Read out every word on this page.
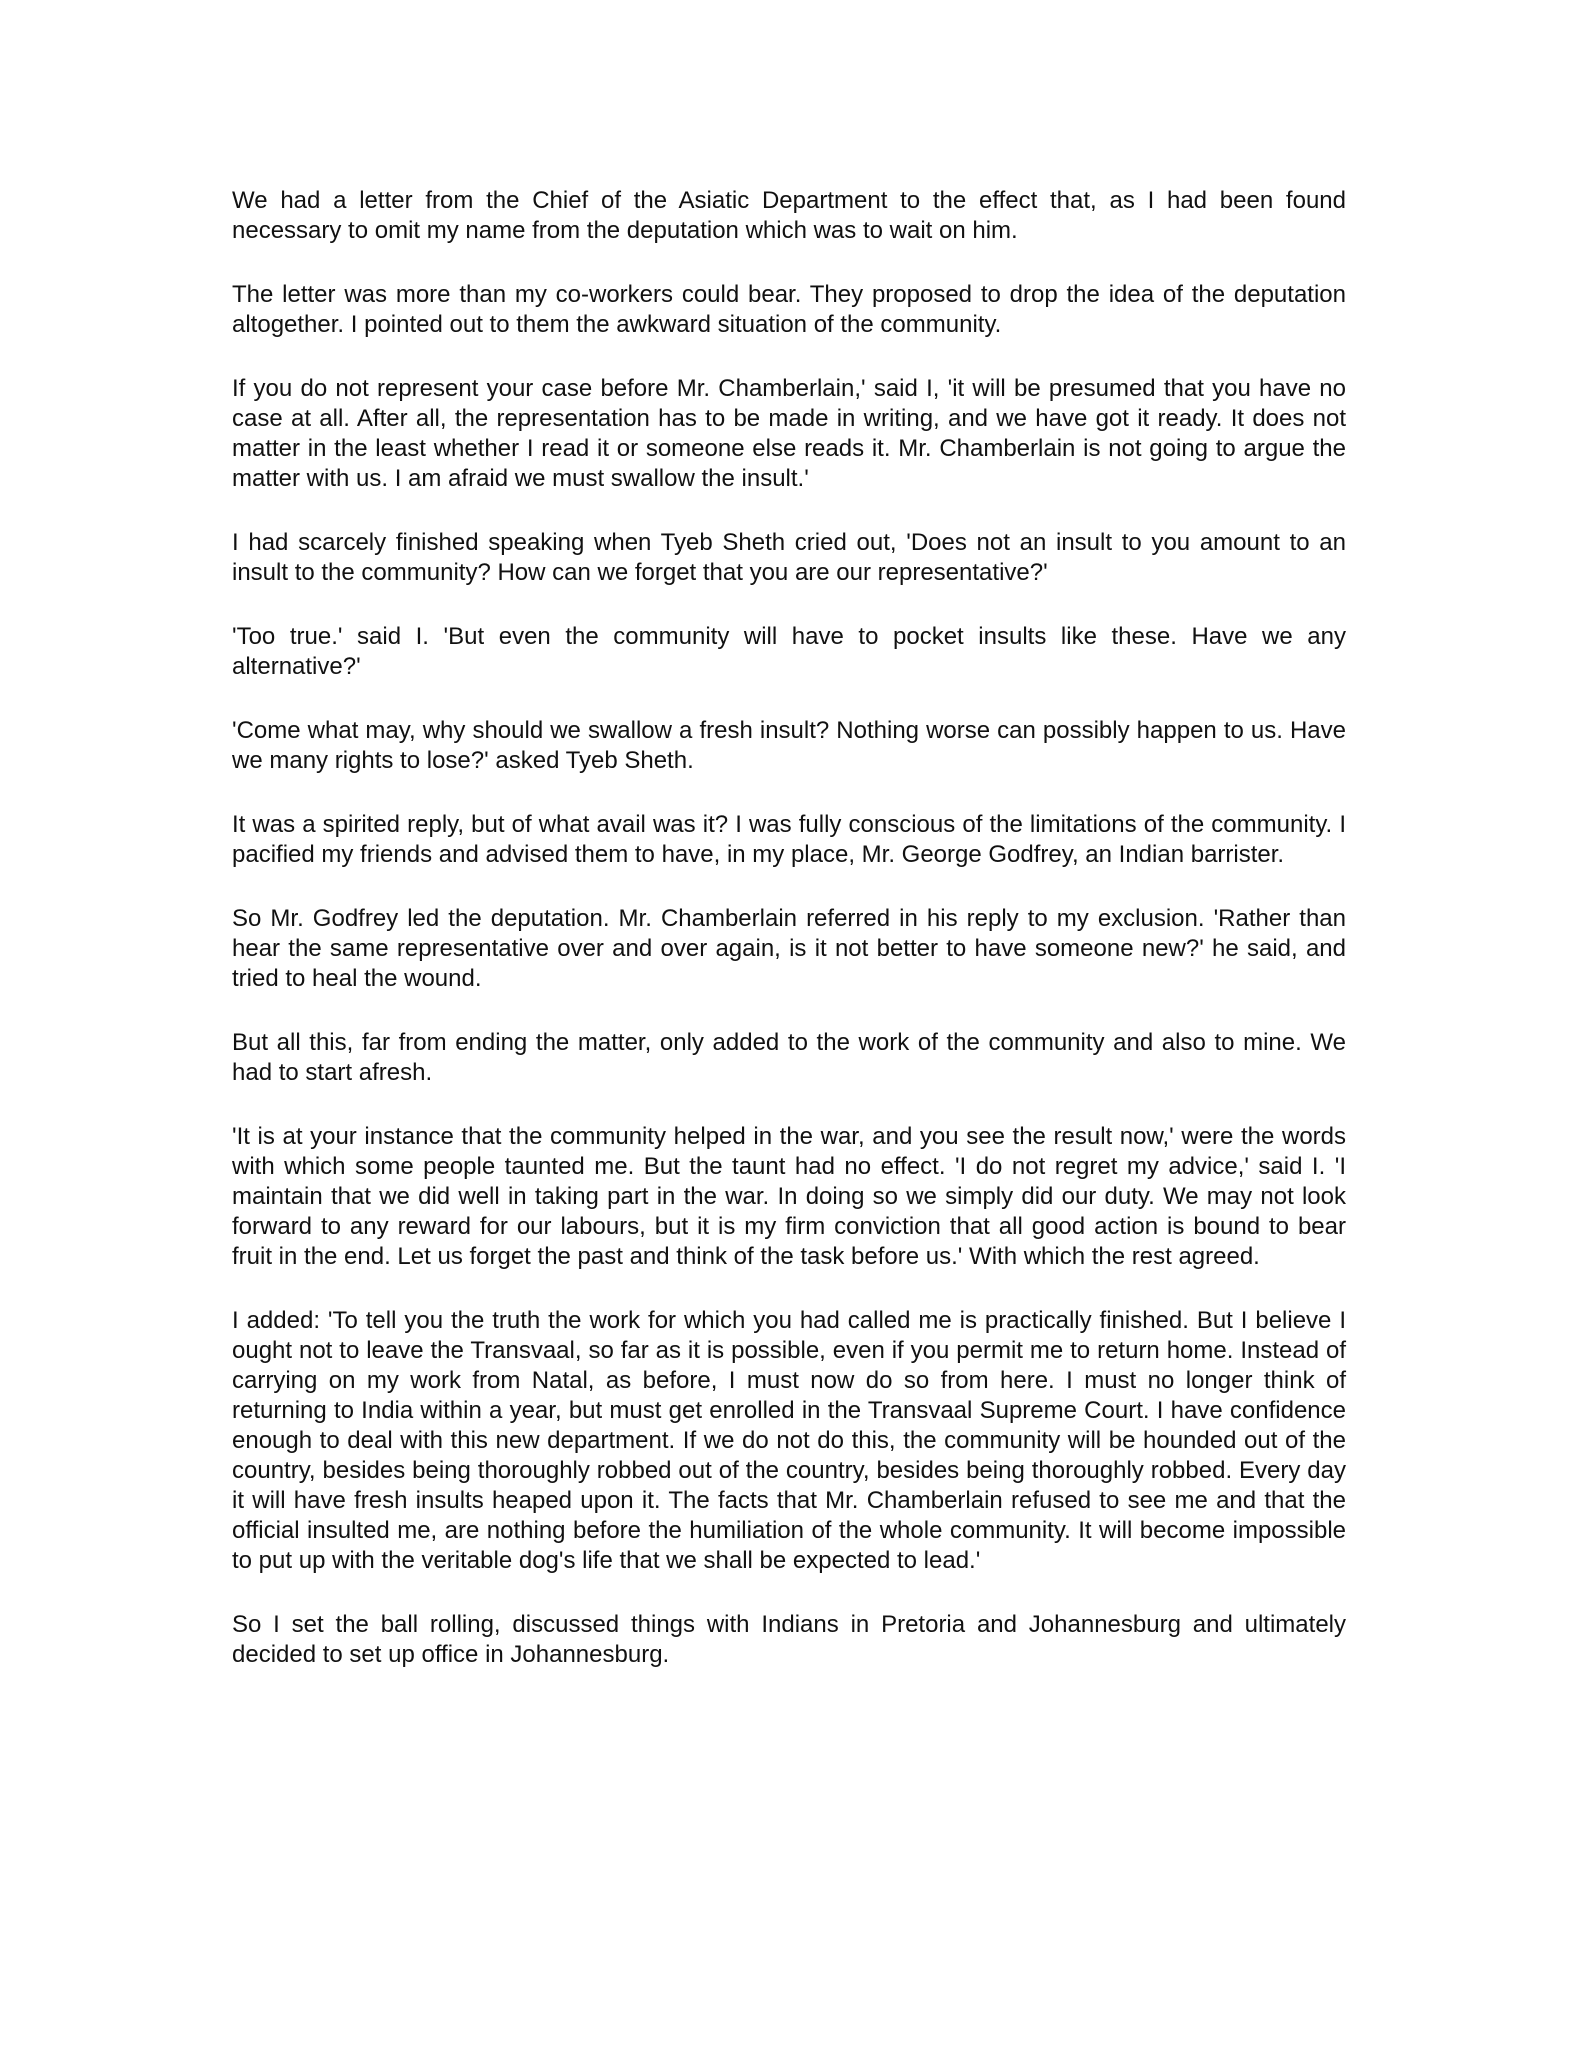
We had a letter from the Chief of the Asiatic Department to the effect that, as I had been found necessary to omit my name from the deputation which was to wait on him.

The letter was more than my co-workers could bear. They proposed to drop the idea of the deputation altogether. I pointed out to them the awkward situation of the community.

If you do not represent your case before Mr. Chamberlain,' said I, 'it will be presumed that you have no case at all. After all, the representation has to be made in writing, and we have got it ready. It does not matter in the least whether I read it or someone else reads it. Mr. Chamberlain is not going to argue the matter with us. I am afraid we must swallow the insult.'

I had scarcely finished speaking when Tyeb Sheth cried out, 'Does not an insult to you amount to an insult to the community? How can we forget that you are our representative?'

'Too true.' said I. 'But even the community will have to pocket insults like these. Have we any alternative?'

'Come what may, why should we swallow a fresh insult? Nothing worse can possibly happen to us. Have we many rights to lose?' asked Tyeb Sheth.

It was a spirited reply, but of what avail was it? I was fully conscious of the limitations of the community. I pacified my friends and advised them to have, in my place, Mr. George Godfrey, an Indian barrister.

So Mr. Godfrey led the deputation. Mr. Chamberlain referred in his reply to my exclusion. 'Rather than hear the same representative over and over again, is it not better to have someone new?' he said, and tried to heal the wound.

But all this, far from ending the matter, only added to the work of the community and also to mine. We had to start afresh.

'It is at your instance that the community helped in the war, and you see the result now,' were the words with which some people taunted me. But the taunt had no effect. 'I do not regret my advice,' said I. 'I maintain that we did well in taking part in the war. In doing so we simply did our duty. We may not look forward to any reward for our labours, but it is my firm conviction that all good action is bound to bear fruit in the end. Let us forget the past and think of the task before us.' With which the rest agreed.

I added: 'To tell you the truth the work for which you had called me is practically finished. But I believe I ought not to leave the Transvaal, so far as it is possible, even if you permit me to return home. Instead of carrying on my work from Natal, as before, I must now do so from here. I must no longer think of returning to India within a year, but must get enrolled in the Transvaal Supreme Court. I have confidence enough to deal with this new department. If we do not do this, the community will be hounded out of the country, besides being thoroughly robbed out of the country, besides being thoroughly robbed. Every day it will have fresh insults heaped upon it. The facts that Mr. Chamberlain refused to see me and that the official insulted me, are nothing before the humiliation of the whole community. It will become impossible to put up with the veritable dog's life that we shall be expected to lead.'

So I set the ball rolling, discussed things with Indians in Pretoria and Johannesburg and ultimately decided to set up office in Johannesburg.
